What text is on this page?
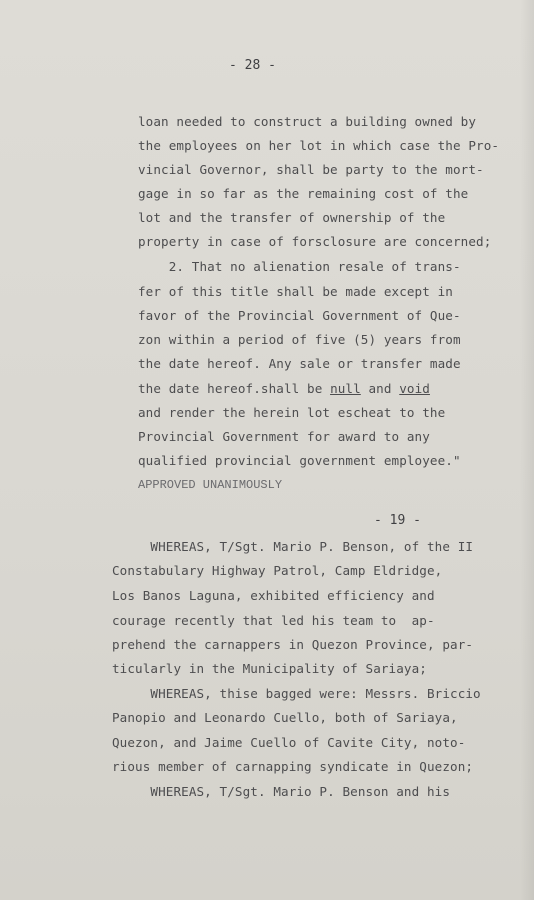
- 28 -
loan needed to construct a building owned by
the employees on her lot in which case the Pro-
vincial Governor, shall be party to the mort-
gage in so far as the remaining cost of the
lot and the transfer of ownership of the
property in case of forsclosure are concerned;
2. That no alienation resale of trans-
fer of this title shall be made except in
favor of the Provincial Government of Que-
zon within a period of five (5) years from
the date hereof. Any sale or transfer made
the date hereof.shall be null and void
and render the herein lot escheat to the
Provincial Government for award to any
qualified provincial government employee."
APPROVED UNANIMOUSLY
- 19 -
WHEREAS, T/Sgt. Mario P. Benson, of the II
Constabulary Highway Patrol, Camp Eldridge,
Los Banos Laguna, exhibited efficiency and
courage recently that led his team to  ap-
prehend the carnappers in Quezon Province, par-
ticularly in the Municipality of Sariaya;
WHEREAS, thise bagged were: Messrs. Briccio
Panopio and Leonardo Cuello, both of Sariaya,
Quezon, and Jaime Cuello of Cavite City, noto-
rious member of carnapping syndicate in Quezon;
WHEREAS, T/Sgt. Mario P. Benson and his
